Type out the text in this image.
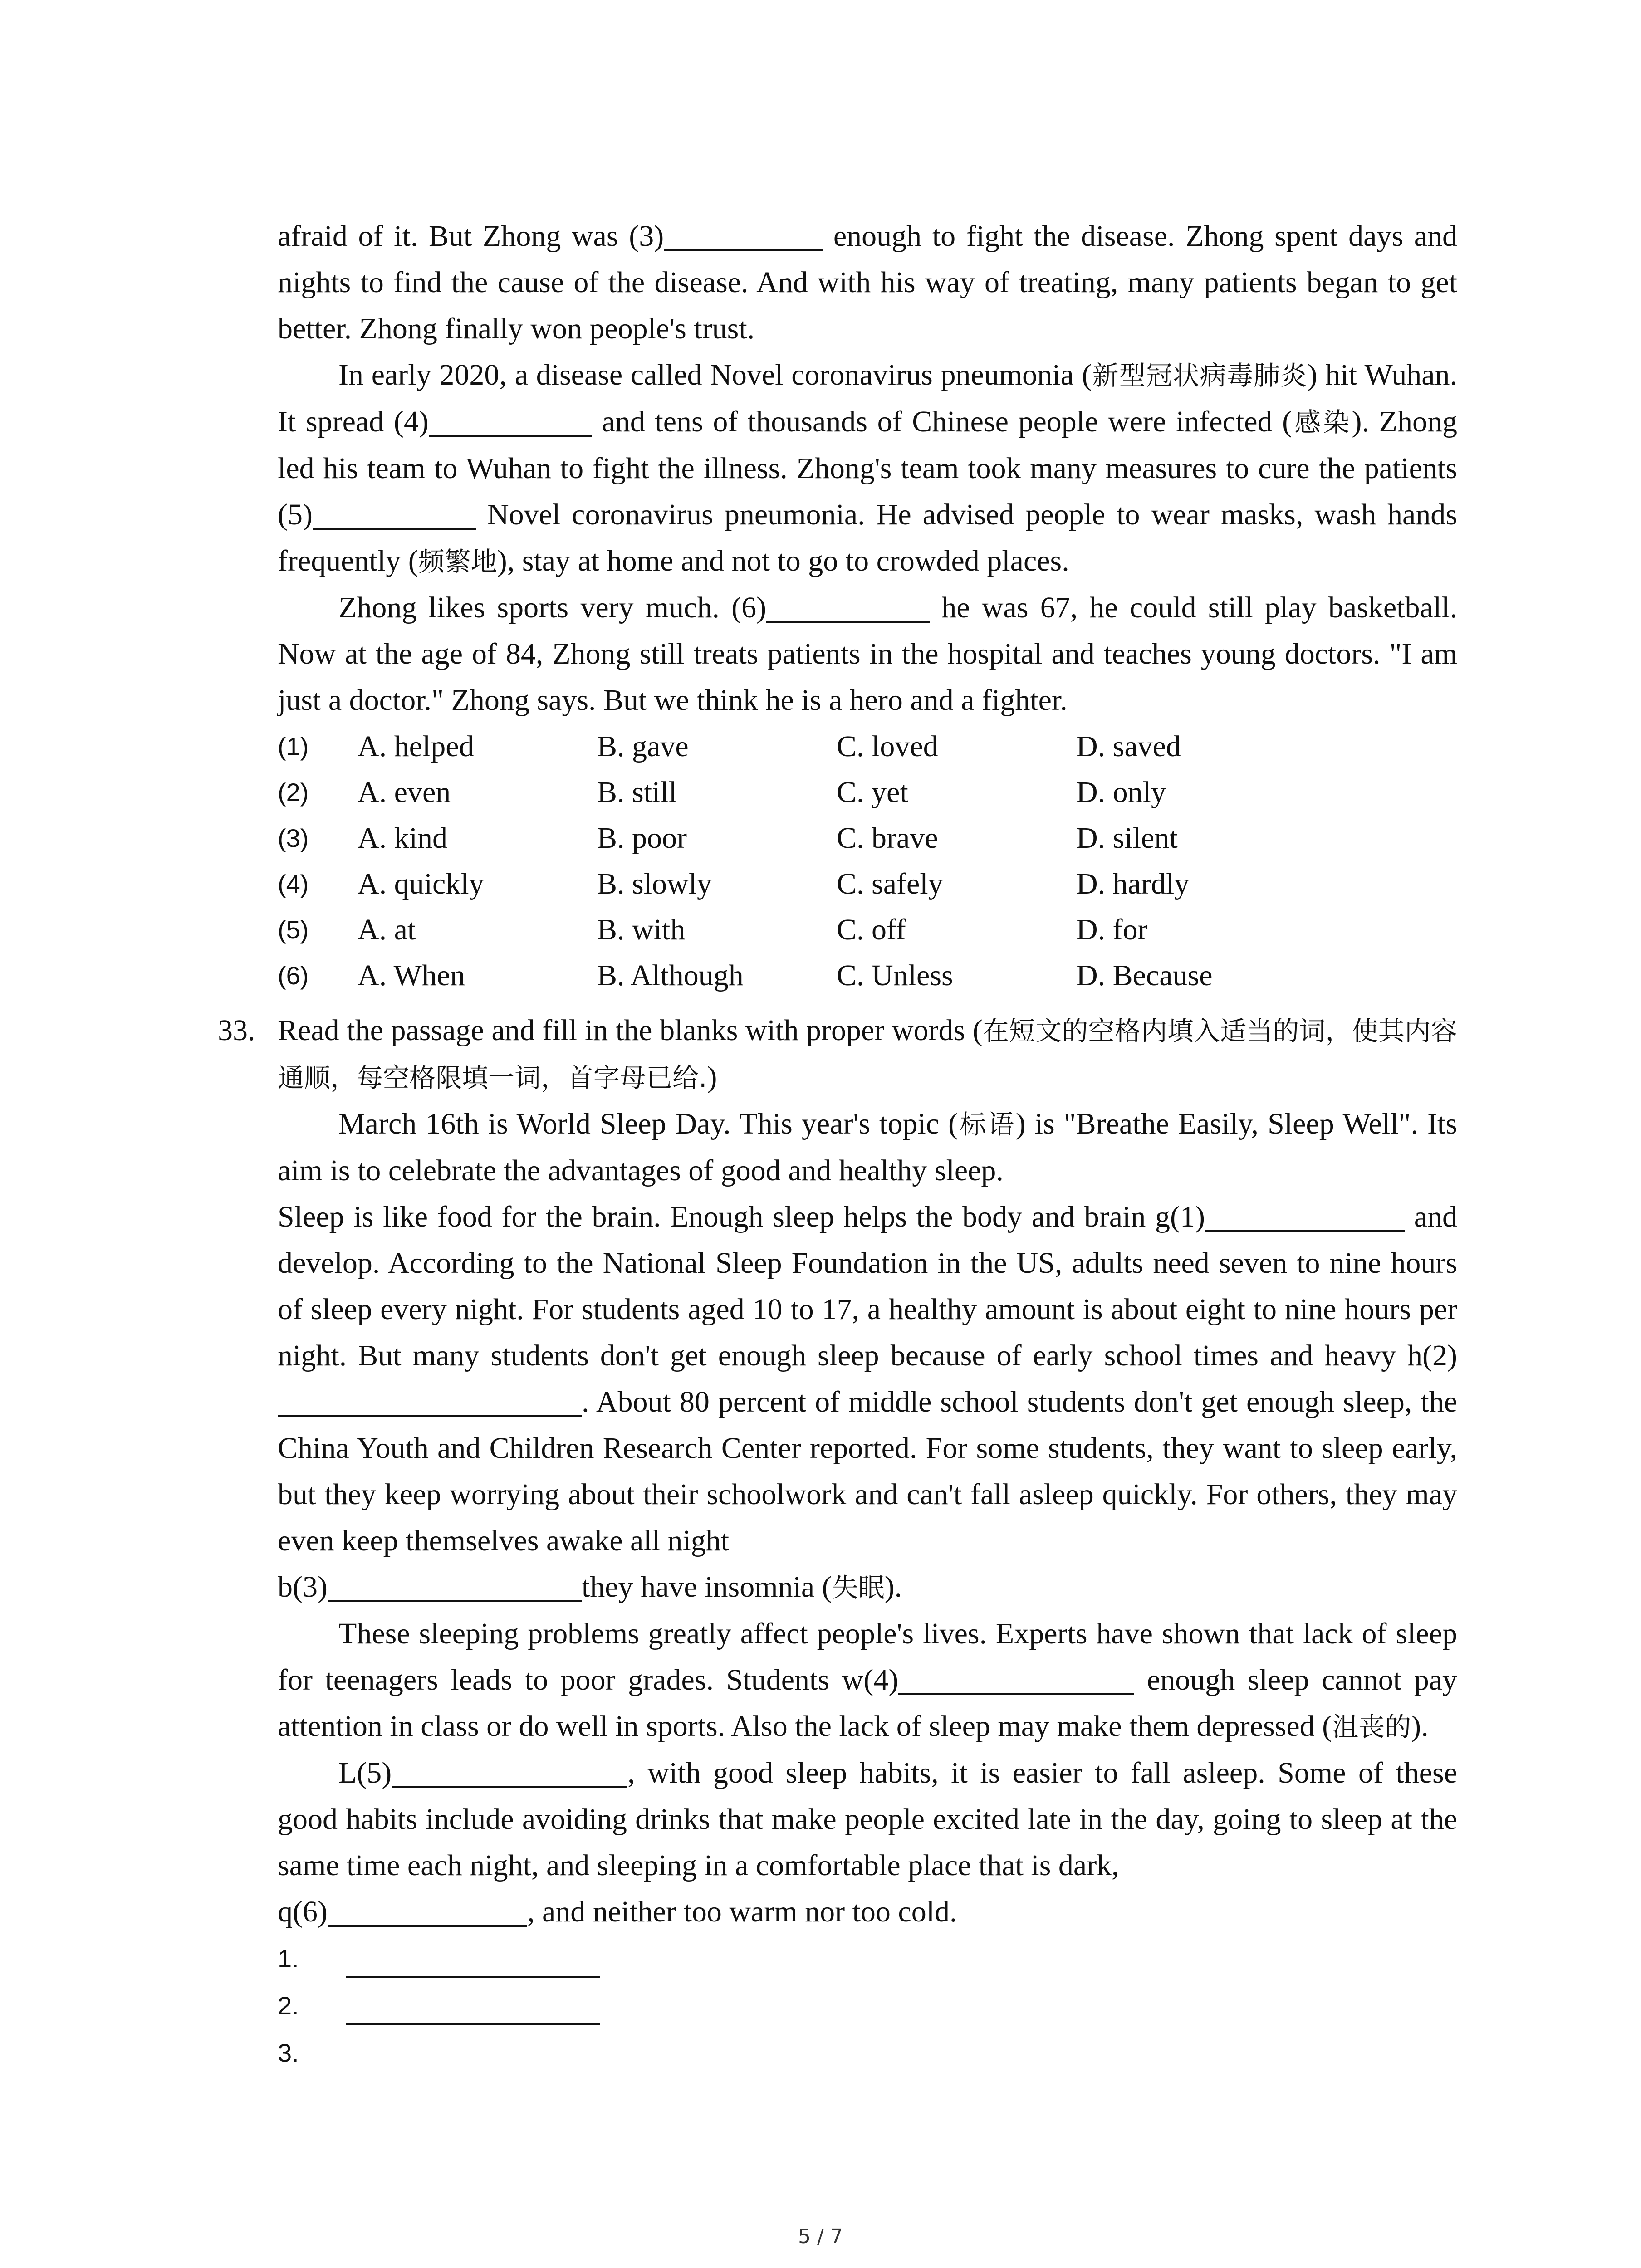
afraid of it. But Zhong was (3)	enough to fight the disease. Zhong spent days and nights to find the cause of the disease. And with his way of treating, many patients began to get better. Zhong finally won people's trust.

In early 2020, a disease called Novel coronavirus pneumonia (新型冠状病毒肺炎) hit Wuhan. It spread (4)	and tens of thousands of Chinese people were infected (感染). Zhong led his team to Wuhan to fight the illness. Zhong's team took many measures to cure the patients (5)	Novel coronavirus pneumonia. He advised people to wear masks, wash hands frequently (频繁地), stay at home and not to go to crowded places.

Zhong likes sports very much. (6)	he was 67, he could still play basketball. Now at the age of 84, Zhong still treats patients in the hospital and teaches young doctors. "I am just a doctor." Zhong says. But we think he is a hero and a fighter.

(1)	A. helped	B. gave	C. loved	D. saved
(2)	A. even	B. still	C. yet	D. only
(3)	A. kind	B. poor	C. brave	D. silent
(4)	A. quickly	B. slowly	C. safely	D. hardly
(5)	A. at	B. with	C. off	D. for
(6)	A. When	B. Although	C. Unless	D. Because
33. Read the passage and fill in the blanks with proper words (在短文的空格内填入适当的词，使其内容通顺，每空格限填一词，首字母已给.)

March 16th is World Sleep Day. This year's topic (标语) is "Breathe Easily, Sleep Well". Its aim is to celebrate the advantages of good and healthy sleep.

Sleep is like food for the brain. Enough sleep helps the body and brain g(1)	and develop. According to the National Sleep Foundation in the US, adults need seven to nine hours of sleep every night. For students aged 10 to 17, a healthy amount is about eight to nine hours per night. But many students don't get enough sleep because of early school times and heavy h(2). About 80 percent of middle school students don't get enough sleep, the China Youth and Children Research Center reported. For some students, they want to sleep early, but they keep worrying about their schoolwork and can't fall asleep quickly. For others, they may even keep themselves awake all night
b(3)	they have insomnia (失眠).

These sleeping problems greatly affect people's lives. Experts have shown that lack of sleep for teenagers leads to poor grades. Students w(4)	enough sleep cannot pay attention in class or do well in sports. Also the lack of sleep may make them depressed (沮丧的).

L(5)	, with good sleep habits, it is easier to fall asleep. Some of these good habits include avoiding drinks that make people excited late in the day, going to sleep at the same time each night, and sleeping in a comfortable place that is dark,
q(6)	, and neither too warm nor too cold.

1.
2.
3.
5 / 7
